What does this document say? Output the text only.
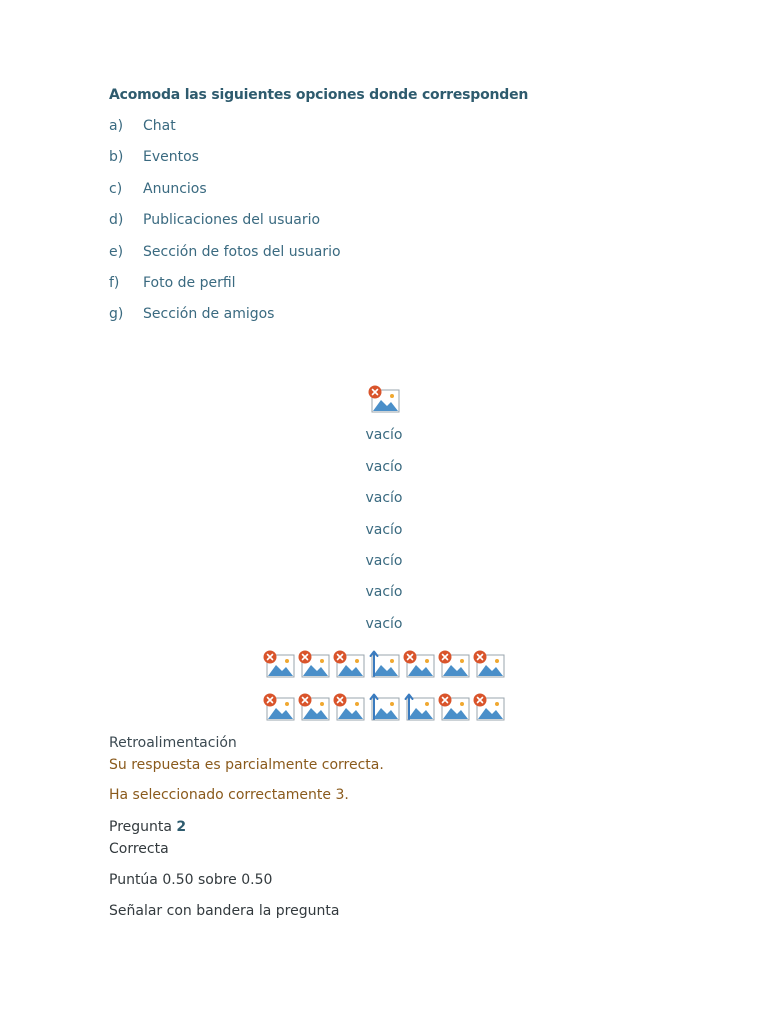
Acomoda las siguientes opciones donde corresponden
a)	Chat
b)	Eventos
c)	Anuncios
d)	Publicaciones del usuario
e)	Sección de fotos del usuario
f)	Foto de perfil
g)	Sección de amigos
vacío
vacío
vacío
vacío
vacío
vacío
vacío
Retroalimentación
Su respuesta es parcialmente correcta.
Ha seleccionado correctamente 3.
Pregunta 2
Correcta
Puntúa 0.50 sobre 0.50
Señalar con bandera la pregunta
